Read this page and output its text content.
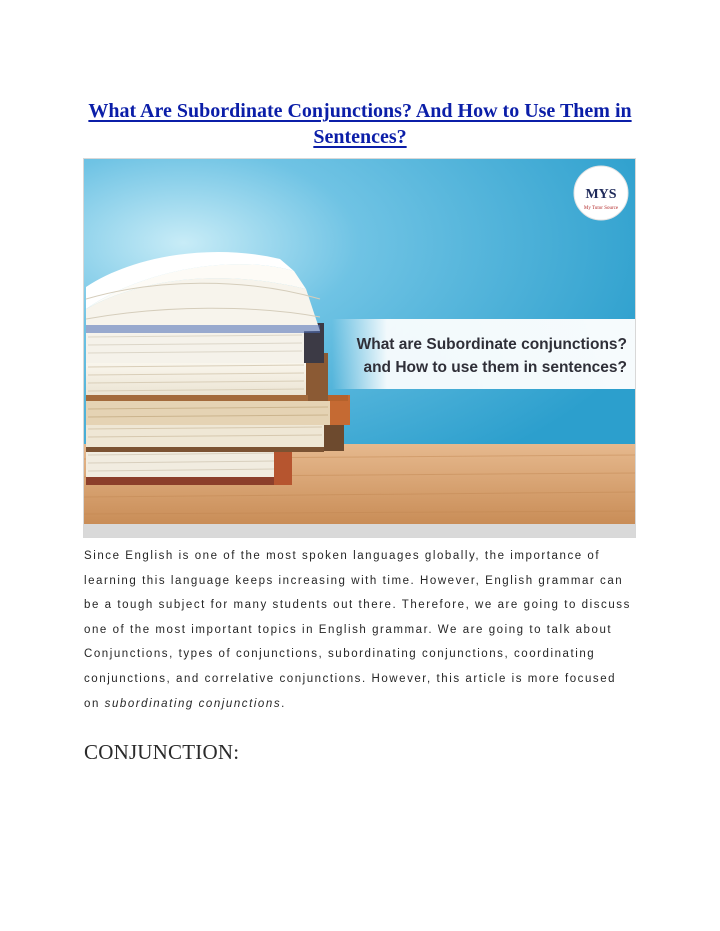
What Are Subordinate Conjunctions? And How to Use Them in Sentences?
What are Subordinate conjunctions?
and How to use them in sentences?
MYS
My Tutor Source

Since English is one of the most spoken languages globally, the importance of learning this language keeps increasing with time. However, English grammar can be a tough subject for many students out there. Therefore, we are going to discuss one of the most important topics in English grammar. We are going to talk about Conjunctions, types of conjunctions, subordinating conjunctions, coordinating conjunctions, and correlative conjunctions. However, this article is more focused on subordinating conjunctions.

CONJUNCTION:
